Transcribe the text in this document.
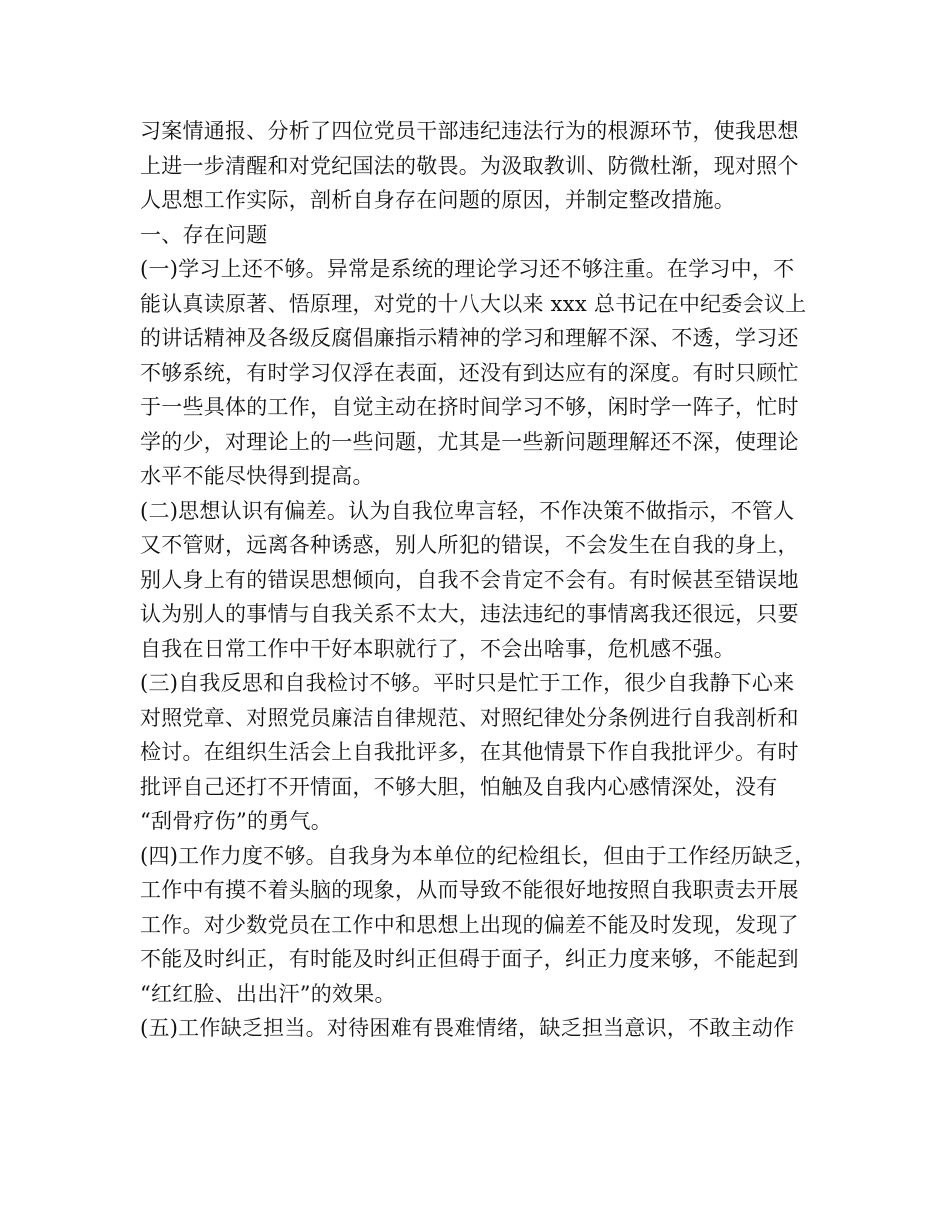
习案情通报、分析了四位党员干部违纪违法行为的根源环节，使我思想
上进一步清醒和对党纪国法的敬畏。为汲取教训、防微杜渐，现对照个
人思想工作实际，剖析自身存在问题的原因，并制定整改措施。
一、存在问题
(一)学习上还不够。异常是系统的理论学习还不够注重。在学习中，不
能认真读原著、悟原理，对党的十八大以来 xxx 总书记在中纪委会议上
的讲话精神及各级反腐倡廉指示精神的学习和理解不深、不透，学习还
不够系统，有时学习仅浮在表面，还没有到达应有的深度。有时只顾忙
于一些具体的工作，自觉主动在挤时间学习不够，闲时学一阵子，忙时
学的少，对理论上的一些问题，尤其是一些新问题理解还不深，使理论
水平不能尽快得到提高。
(二)思想认识有偏差。认为自我位卑言轻，不作决策不做指示，不管人
又不管财，远离各种诱惑，别人所犯的错误，不会发生在自我的身上，
别人身上有的错误思想倾向，自我不会肯定不会有。有时候甚至错误地
认为别人的事情与自我关系不太大，违法违纪的事情离我还很远，只要
自我在日常工作中干好本职就行了，不会出啥事，危机感不强。
(三)自我反思和自我检讨不够。平时只是忙于工作，很少自我静下心来
对照党章、对照党员廉洁自律规范、对照纪律处分条例进行自我剖析和
检讨。在组织生活会上自我批评多，在其他情景下作自我批评少。有时
批评自己还打不开情面，不够大胆，怕触及自我内心感情深处，没有
“刮骨疗伤”的勇气。
(四)工作力度不够。自我身为本单位的纪检组长，但由于工作经历缺乏，
工作中有摸不着头脑的现象，从而导致不能很好地按照自我职责去开展
工作。对少数党员在工作中和思想上出现的偏差不能及时发现，发现了
不能及时纠正，有时能及时纠正但碍于面子，纠正力度来够，不能起到
“红红脸、出出汗”的效果。
(五)工作缺乏担当。对待困难有畏难情绪，缺乏担当意识，不敢主动作
